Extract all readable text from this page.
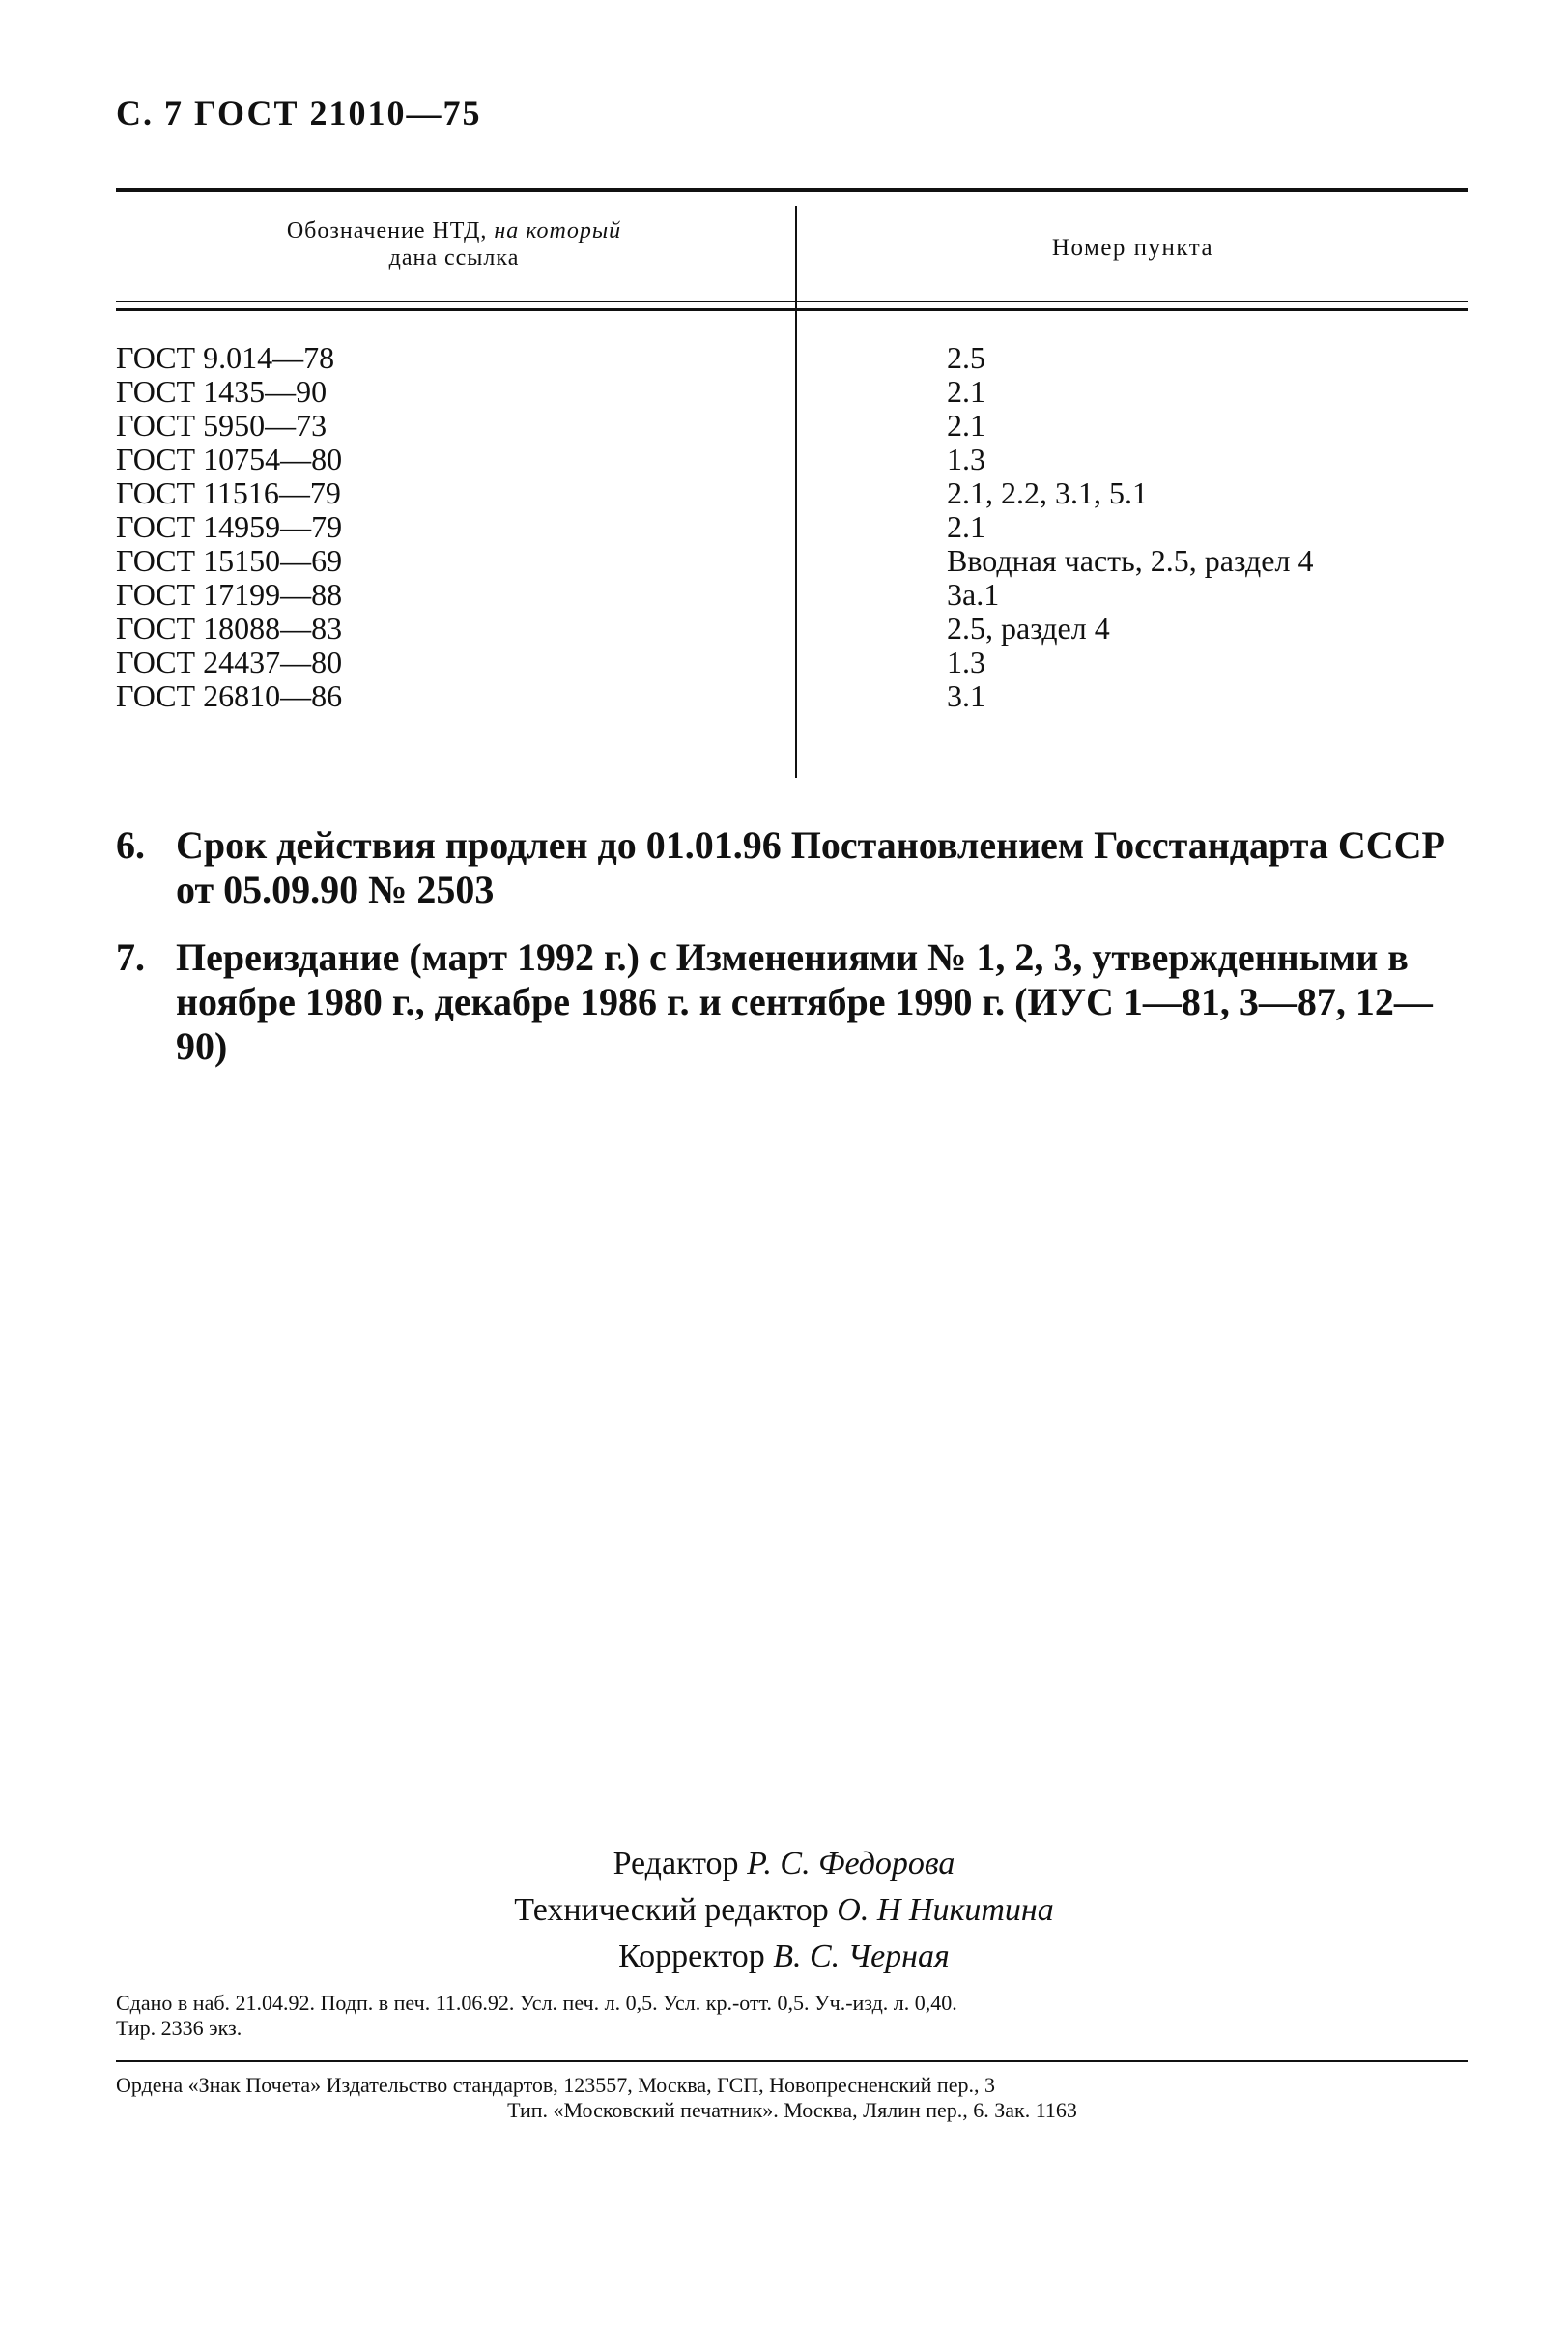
С. 7 ГОСТ 21010—75
Обозначение НТД, на который
дана ссылка	Номер пункта
ГОСТ 9.014—78
ГОСТ 1435—90
ГОСТ 5950—73
ГОСТ 10754—80
ГОСТ 11516—79
ГОСТ 14959—79
ГОСТ 15150—69
ГОСТ 17199—88
ГОСТ 18088—83
ГОСТ 24437—80
ГОСТ 26810—86
2.5
2.1
2.1
1.3
2.1, 2.2, 3.1, 5.1
2.1
Вводная часть, 2.5, раздел 4
3а.1
2.5, раздел 4
1.3
3.1
6. Срок действия продлен до 01.01.96 Постановлением Госстандарта СССР от 05.09.90 № 2503
7. Переиздание (март 1992 г.) с Изменениями № 1, 2, 3, утвержденными в ноябре 1980 г., декабре 1986 г. и сентябре 1990 г. (ИУС 1—81, 3—87, 12—90)
Редактор Р. С. Федорова
Технический редактор О. Н Никитина
Корректор В. С. Черная
Сдано в наб. 21.04.92. Подп. в печ. 11.06.92. Усл. печ. л. 0,5. Усл. кр.-отт. 0,5. Уч.-изд. л. 0,40.
Тир. 2336 экз.
Ордена «Знак Почета» Издательство стандартов, 123557, Москва, ГСП, Новопресненский пер., 3
Тип. «Московский печатник». Москва, Лялин пер., 6. Зак. 1163
